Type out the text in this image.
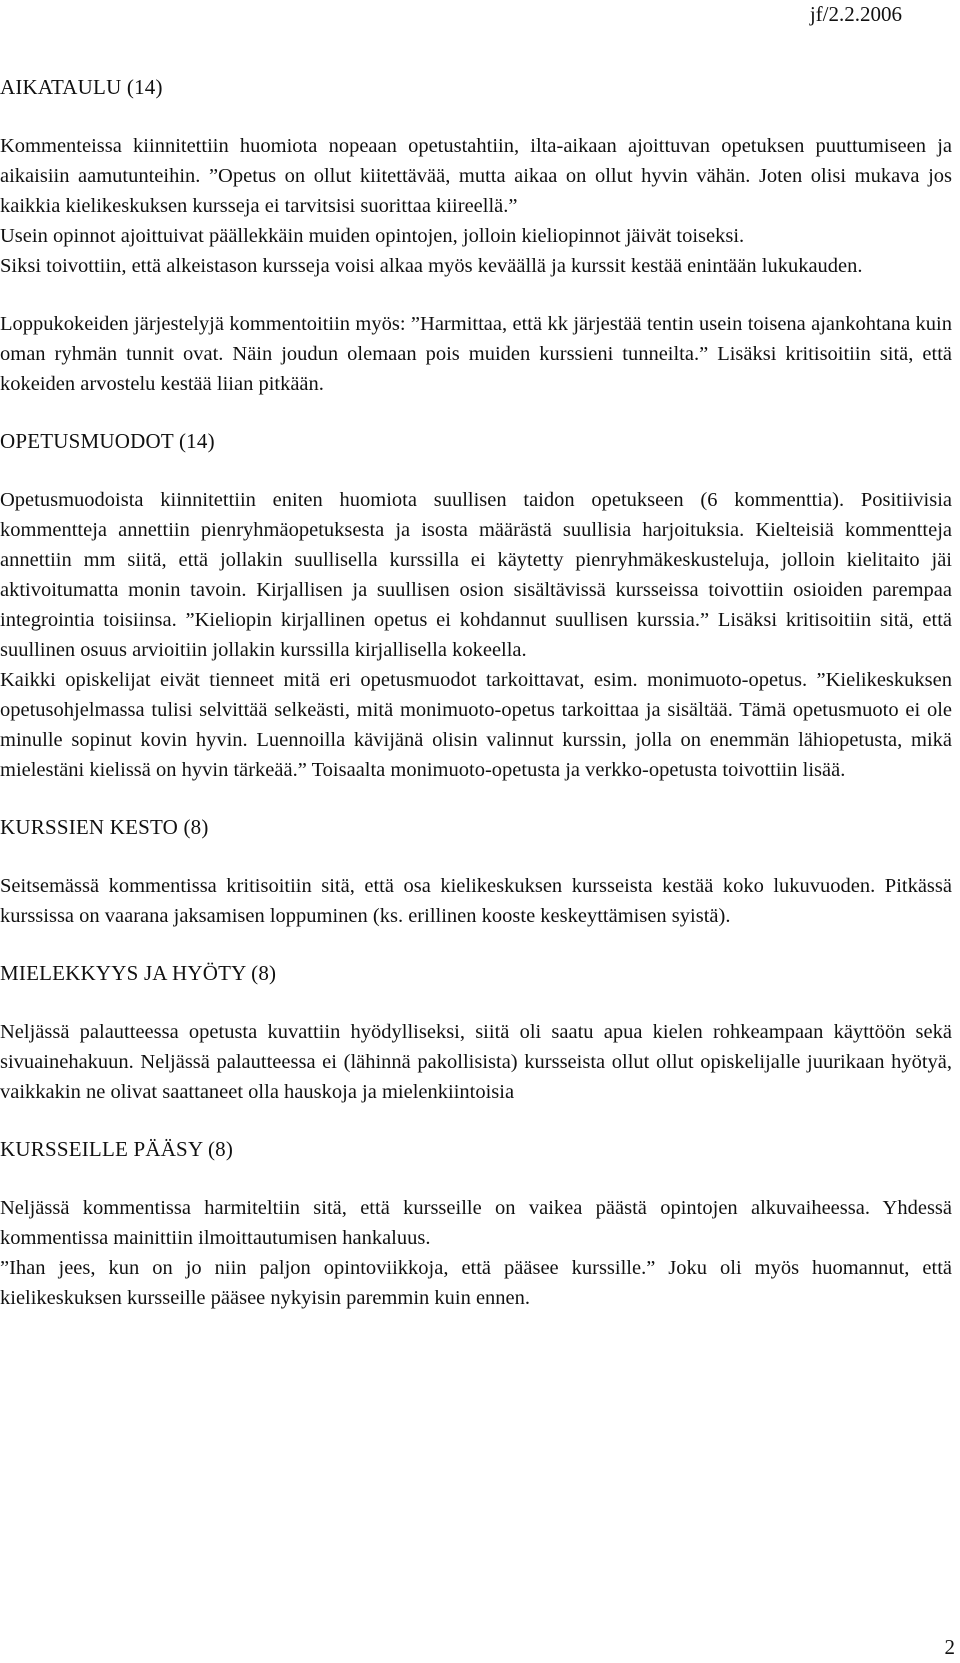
jf/2.2.2006
AIKATAULU (14)

Kommenteissa kiinnitettiin huomiota nopeaan opetustahtiin, ilta-aikaan ajoittuvan opetuksen puuttumiseen ja aikaisiin aamutunteihin. ”Opetus on ollut kiitettävää, mutta aikaa on ollut hyvin vähän. Joten olisi mukava jos kaikkia kielikeskuksen kursseja ei tarvitsisi suorittaa kiireellä.”

Usein opinnot ajoittuivat päällekkäin muiden opintojen, jolloin kieliopinnot jäivät toiseksi.

Siksi toivottiin, että alkeistason kursseja voisi alkaa myös keväällä ja kurssit kestää enintään lukukauden.

Loppukokeiden järjestelyjä kommentoitiin myös: ”Harmittaa, että kk järjestää tentin usein toisena ajankohtana kuin oman ryhmän tunnit ovat. Näin joudun olemaan pois muiden kurssieni tunneilta.” Lisäksi kritisoitiin sitä, että kokeiden arvostelu kestää liian pitkään.

OPETUSMUODOT (14)

Opetusmuodoista kiinnitettiin eniten huomiota suullisen taidon opetukseen (6 kommenttia). Positiivisia kommentteja annettiin pienryhmäopetuksesta ja isosta määrästä suullisia harjoituksia. Kielteisiä kommentteja annettiin mm siitä, että jollakin suullisella kurssilla ei käytetty pienryhmäkeskusteluja, jolloin kielitaito jäi aktivoitumatta monin tavoin. Kirjallisen ja suullisen osion sisältävissä kursseissa toivottiin osioiden parempaa integrointia toisiinsa. ”Kieliopin kirjallinen opetus ei kohdannut suullisen kurssia.” Lisäksi kritisoitiin sitä, että suullinen osuus arvioitiin jollakin kurssilla kirjallisella kokeella.

Kaikki opiskelijat eivät tienneet mitä eri opetusmuodot tarkoittavat, esim. monimuoto-opetus. ”Kielikeskuksen opetusohjelmassa tulisi selvittää selkeästi, mitä monimuoto-opetus tarkoittaa ja sisältää. Tämä opetusmuoto ei ole minulle sopinut kovin hyvin. Luennoilla kävijänä olisin valinnut kurssin, jolla on enemmän lähiopetusta, mikä mielestäni kielissä on hyvin tärkeää.” Toisaalta monimuoto-opetusta ja verkko-opetusta toivottiin lisää.

KURSSIEN KESTO (8)

Seitsemässä kommentissa kritisoitiin sitä, että osa kielikeskuksen kursseista kestää koko lukuvuoden. Pitkässä kurssissa on vaarana jaksamisen loppuminen (ks. erillinen kooste keskeyttämisen syistä).

MIELEKKYYS JA HYÖTY (8)

Neljässä palautteessa opetusta kuvattiin hyödylliseksi, siitä oli saatu apua kielen rohkeampaan käyttöön sekä sivuainehakuun. Neljässä palautteessa ei (lähinnä pakollisista) kursseista ollut ollut opiskelijalle juurikaan hyötyä, vaikkakin ne olivat saattaneet olla hauskoja ja mielenkiintoisia

KURSSEILLE PÄÄSY (8)

Neljässä kommentissa harmiteltiin sitä, että kursseille on vaikea päästä opintojen alkuvaiheessa. Yhdessä kommentissa mainittiin ilmoittautumisen hankaluus.

”Ihan jees, kun on jo niin paljon opintoviikkoja, että pääsee kurssille.” Joku oli myös huomannut, että kielikeskuksen kursseille pääsee nykyisin paremmin kuin ennen.

2
